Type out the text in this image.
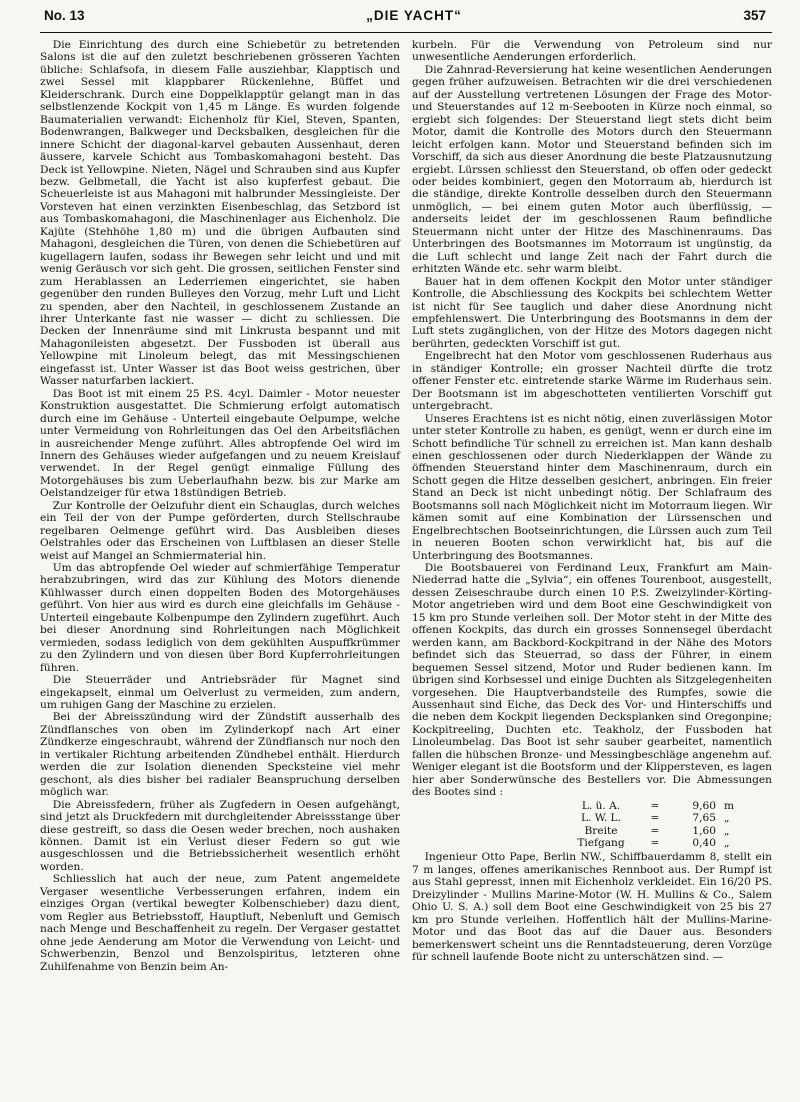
No. 13	„DIE YACHT“	357

Die Einrichtung des durch eine Schiebetür zu betretenden Salons ist die auf den zuletzt beschriebenen grösseren Yachten übliche: Schlafsofa, in diesem Falle ausziehbar, Klapptisch und zwei Sessel mit klappbarer Rückenlehne, Büffet und Kleiderschrank. Durch eine Doppelklapptür gelangt man in das selbstlenzende Kockpit von 1,45 m Länge. Es wurden folgende Baumaterialien verwandt: Eichenholz für Kiel, Steven, Spanten, Bodenwrangen, Balkweger und Decksbalken, desgleichen für die innere Schicht der diagonal-karvel gebauten Aussenhaut, deren äussere, karvele Schicht aus Tombaskomahagoni besteht. Das Deck ist Yellowpine. Nieten, Nägel und Schrauben sind aus Kupfer bezw. Gelbmetall, die Yacht ist also kupferfest gebaut. Die Scheuerleiste ist aus Mahagoni mit halbrunder Messingleiste. Der Vorsteven hat einen verzinkten Eisenbeschlag, das Setzbord ist aus Tombaskomahagoni, die Maschinenlager aus Eichenholz. Die Kajüte (Stehhöhe 1,80 m) und die übrigen Aufbauten sind Mahagoni, desgleichen die Türen, von denen die Schiebetüren auf kugellagern laufen, sodass ihr Bewegen sehr leicht und und mit wenig Geräusch vor sich geht. Die grossen, seitlichen Fenster sind zum Herablassen an Lederriemen eingerichtet, sie haben gegenüber den runden Bulleyes den Vorzug, mehr Luft und Licht zu spenden, aber den Nachteil, in geschlossenem Zustande an ihrer Unterkante fast nie wasser — dicht zu schliessen. Die Decken der Innenräume sind mit Linkrusta bespannt und mit Mahagonileisten abgesetzt. Der Fussboden ist überall aus Yellowpine mit Linoleum belegt, das mit Messingschienen eingefasst ist. Unter Wasser ist das Boot weiss gestrichen, über Wasser naturfarben lackiert.

Das Boot ist mit einem 25 P.S. 4cyl. Daimler - Motor neuester Konstruktion ausgestattet. Die Schmierung erfolgt automatisch durch eine im Gehäuse - Unterteil eingebaute Oelpumpe, welche unter Vermeidung von Rohrleitungen das Oel den Arbeitsflächen in ausreichender Menge zuführt. Alles abtropfende Oel wird im Innern des Gehäuses wieder aufgefangen und zu neuem Kreislauf verwendet. In der Regel genügt einmalige Füllung des Motorgehäuses bis zum Ueberlaufhahn bezw. bis zur Marke am Oelstandzeiger für etwa 18stündigen Betrieb.

Zur Kontrolle der Oelzufuhr dient ein Schauglas, durch welches ein Teil der von der Pumpe geförderten, durch Stellschraube regelbaren Oelmenge geführt wird. Das Ausbleiben dieses Oelstrahles oder das Erscheinen von Luftblasen an dieser Stelle weist auf Mangel an Schmiermaterial hin.

Um das abtropfende Oel wieder auf schmierfähige Temperatur herabzubringen, wird das zur Kühlung des Motors dienende Kühlwasser durch einen doppelten Boden des Motorgehäuses geführt. Von hier aus wird es durch eine gleichfalls im Gehäuse - Unterteil eingebaute Kolbenpumpe den Zylindern zugeführt. Auch bei dieser Anordnung sind Rohrleitungen nach Möglichkeit vermieden, sodass lediglich von dem gekühlten Auspuffkrümmer zu den Zylindern und von diesen über Bord Kupferrohrleitungen führen.

Die Steuerräder und Antriebsräder für Magnet sind eingekapselt, einmal um Oelverlust zu vermeiden, zum andern, um ruhigen Gang der Maschine zu erzielen.

Bei der Abreisszündung wird der Zündstift ausserhalb des Zündflansches von oben im Zylinderkopf nach Art einer Zündkerze eingeschraubt, während der Zündflansch nur noch den in vertikaler Richtung arbeitenden Zündhebel enthält. Hierdurch werden die zur Isolation dienenden Specksteine viel mehr geschont, als dies bisher bei radialer Beanspruchung derselben möglich war.

Die Abreissfedern, früher als Zugfedern in Oesen aufgehängt, sind jetzt als Druckfedern mit durchgleitender Abreissstange über diese gestreift, so dass die Oesen weder brechen, noch aushaken können. Damit ist ein Verlust dieser Federn so gut wie ausgeschlossen und die Betriebssicherheit wesentlich erhöht worden.

Schliesslich hat auch der neue, zum Patent angemeldete Vergaser wesentliche Verbesserungen erfahren, indem ein einziges Organ (vertikal bewegter Kolbenschieber) dazu dient, vom Regler aus Betriebsstoff, Hauptluft, Nebenluft und Gemisch nach Menge und Beschaffenheit zu regeln. Der Vergaser gestattet ohne jede Aenderung am Motor die Verwendung von Leicht- und Schwerbenzin, Benzol und Benzolspiritus, letzteren ohne Zuhilfenahme von Benzin beim An-

kurbeln. Für die Verwendung von Petroleum sind nur unwesentliche Aenderungen erforderlich.

Die Zahnrad-Reversierung hat keine wesentlichen Aenderungen gegen früher aufzuweisen. Betrachten wir die drei verschiedenen auf der Ausstellung vertretenen Lösungen der Frage des Motor- und Steuerstandes auf 12 m-Seebooten in Kürze noch einmal, so ergiebt sich folgendes: Der Steuerstand liegt stets dicht beim Motor, damit die Kontrolle des Motors durch den Steuermann leicht erfolgen kann. Motor und Steuerstand befinden sich im Vorschiff, da sich aus dieser Anordnung die beste Platzausnutzung ergiebt. Lürssen schliesst den Steuerstand, ob offen oder gedeckt oder beides kombiniert, gegen den Motorraum ab, hierdurch ist die ständige, direkte Kontrolle desselben durch den Steuermann unmöglich, — bei einem guten Motor auch überflüssig, — anderseits leidet der im geschlossenen Raum befindliche Steuermann nicht unter der Hitze des Maschinenraums. Das Unterbringen des Bootsmannes im Motorraum ist ungünstig, da die Luft schlecht und lange Zeit nach der Fahrt durch die erhitzten Wände etc. sehr warm bleibt.

Bauer hat in dem offenen Kockpit den Motor unter ständiger Kontrolle, die Abschliessung des Kockpits bei schlechtem Wetter ist nicht für See tauglich und daher diese Anordnung nicht empfehlenswert. Die Unterbringung des Bootsmanns in dem der Luft stets zugänglichen, von der Hitze des Motors dagegen nicht berührten, gedeckten Vorschiff ist gut.

Engelbrecht hat den Motor vom geschlossenen Ruderhaus aus in ständiger Kontrolle; ein grosser Nachteil dürfte die trotz offener Fenster etc. eintretende starke Wärme im Ruderhaus sein. Der Bootsmann ist im abgeschotteten ventilierten Vorschiff gut untergebracht.

Unseres Erachtens ist es nicht nötig, einen zuverlässigen Motor unter steter Kontrolle zu haben, es genügt, wenn er durch eine im Schott befindliche Tür schnell zu erreichen ist. Man kann deshalb einen geschlossenen oder durch Niederklappen der Wände zu öffnenden Steuerstand hinter dem Maschinenraum, durch ein Schott gegen die Hitze desselben gesichert, anbringen. Ein freier Stand an Deck ist nicht unbedingt nötig. Der Schlafraum des Bootsmanns soll nach Möglichkeit nicht im Motorraum liegen. Wir kämen somit auf eine Kombination der Lürssenschen und Engelbrechtschen Bootseinrichtungen, die Lürssen auch zum Teil in neueren Booten schon verwirklicht hat, bis auf die Unterbringung des Bootsmannes.

Die Bootsbauerei von Ferdinand Leux, Frankfurt am Main-Niederrad hatte die „Sylvia“, ein offenes Tourenboot, ausgestellt, dessen Zeiseschraube durch einen 10 P.S. Zweizylinder-Körting-Motor angetrieben wird und dem Boot eine Geschwindigkeit von 15 km pro Stunde verleihen soll. Der Motor steht in der Mitte des offenen Kockpits, das durch ein grosses Sonnensegel überdacht werden kann, am Backbord-Kockpitrand in der Nähe des Motors befindet sich das Steuerrad, so dass der Führer, in einem bequemen Sessel sitzend, Motor und Ruder bedienen kann. Im übrigen sind Korbsessel und einige Duchten als Sitzgelegenheiten vorgesehen. Die Hauptverbandsteile des Rumpfes, sowie die Aussenhaut sind Eiche, das Deck des Vor- und Hinterschiffs und die neben dem Kockpit liegenden Decksplanken sind Oregonpine; Kockpitreeling, Duchten etc. Teakholz, der Fussboden hat Linoleumbelag. Das Boot ist sehr sauber gearbeitet, namentlich fallen die hübschen Bronze- und Messingbeschläge angenehm auf. Weniger elegant ist die Bootsform und der Klippersteven, es lagen hier aber Sonderwünsche des Bestellers vor. Die Abmessungen des Bootes sind :

L. ü. A.	=	9,60	m
L. W. L.	=	7,65	„
Breite	=	1,60	„
Tiefgang	=	0,40	„

Ingenieur Otto Pape, Berlin NW., Schiffbauerdamm 8, stellt ein 7 m langes, offenes amerikanisches Rennboot aus. Der Rumpf ist aus Stahl gepresst, innen mit Eichenholz verkleidet. Ein 16/20 PS. Dreizylinder - Mullins Marine-Motor (W. H. Mullins & Co., Salem Ohio U. S. A.) soll dem Boot eine Geschwindigkeit von 25 bis 27 km pro Stunde verleihen. Hoffentlich hält der Mullins-Marine-Motor und das Boot das auf die Dauer aus. Besonders bemerkenswert scheint uns die Renntadsteuerung, deren Vorzüge für schnell laufende Boote nicht zu unterschätzen sind. —
